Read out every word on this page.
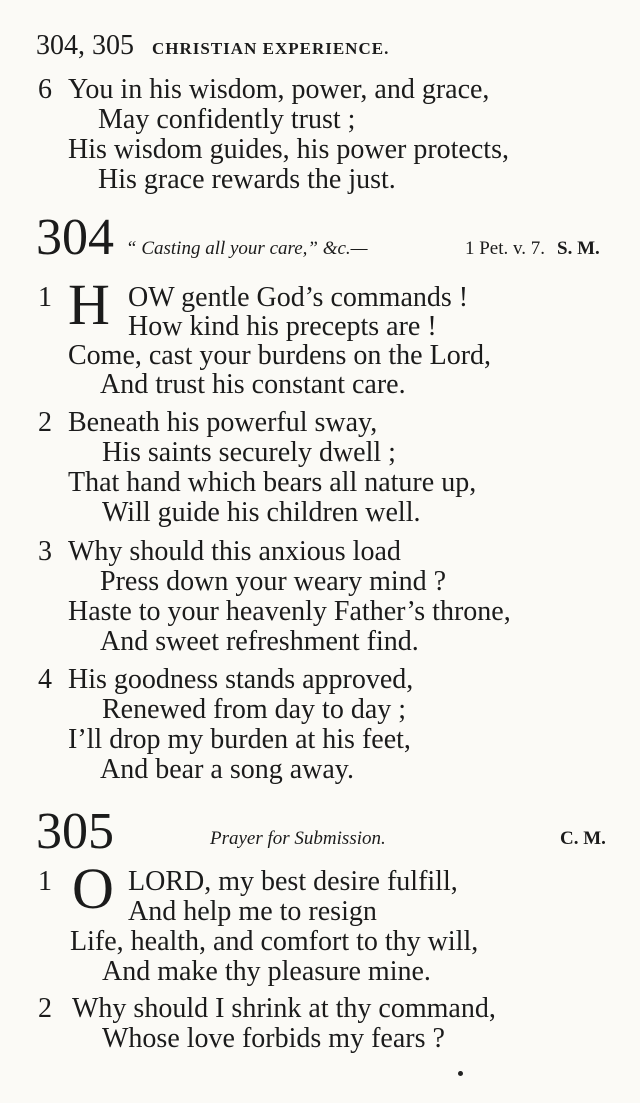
304, 305 CHRISTIAN EXPERIENCE.
6 You in his wisdom, power, and grace,
May confidently trust ;
His wisdom guides, his power protects,
His grace rewards the just.
304 “ Casting all your care,” &c.—	1 Pet. v. 7. S. M.
1 H OW gentle God’s commands !
How kind his precepts are !
Come, cast your burdens on the Lord,
And trust his constant care.
2 Beneath his powerful sway,
His saints securely dwell ;
That hand which bears all nature up,
Will guide his children well.
3 Why should this anxious load
Press down your weary mind ?
Haste to your heavenly Father’s throne,
And sweet refreshment find.
4 His goodness stands approved,
Renewed from day to day ;
I’ll drop my burden at his feet,
And bear a song away.
305	Prayer for Submission.	C. M.
1 O LORD, my best desire fulfill,
And help me to resign
Life, health, and comfort to thy will,
And make thy pleasure mine.
2 Why should I shrink at thy command,
Whose love forbids my fears ?
